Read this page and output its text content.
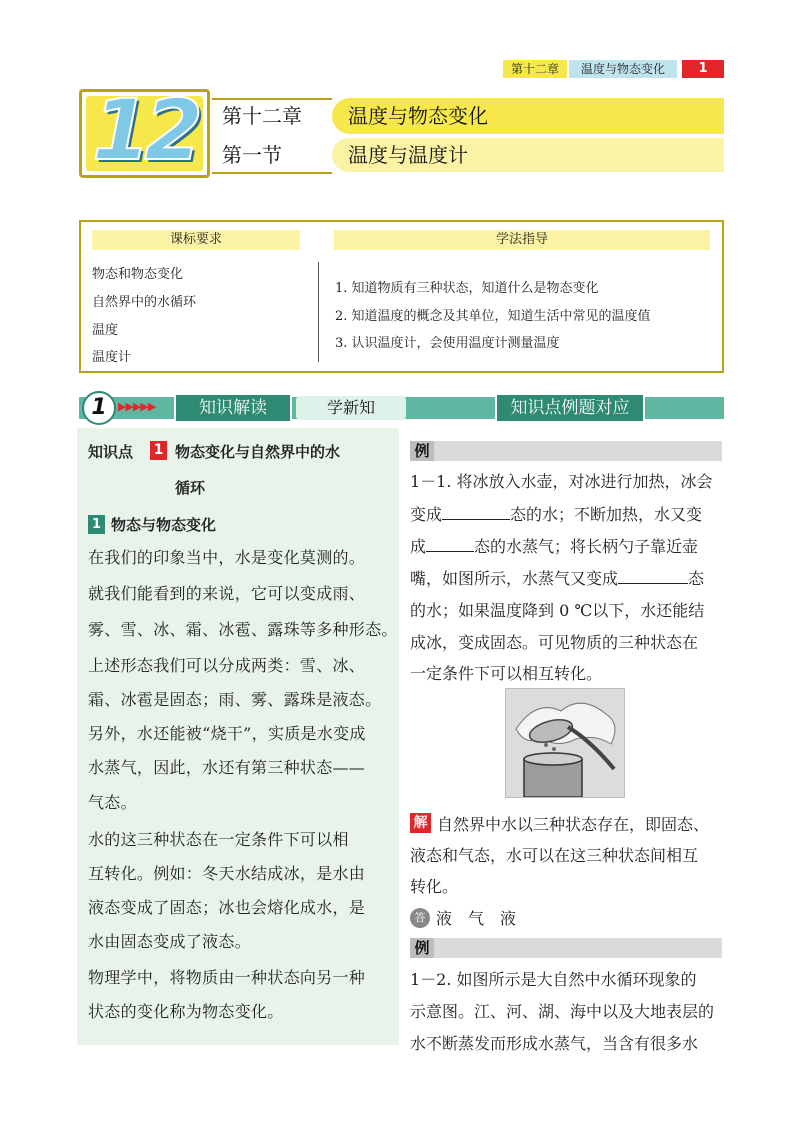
第十二章	温度与物态变化	1
12	第十二章 温度与物态变化
第一节	温度与温度计
课标要求	学法指导
物态和物态变化
自然界中的水循环
温度
温度计
1. 知道物质有三种状态，知道什么是物态变化
2. 知道温度的概念及其单位，知道生活中常见的温度值
3. 认识温度计，会使用温度计测量温度
1	▶▶▶▶▶	知识解读	学新知	知识点例题对应
知识点 1 物态变化与自然界中的水
循环
1 物态与物态变化
在我们的印象当中，水是变化莫测的。
就我们能看到的来说，它可以变成雨、
雾、雪、冰、霜、冰雹、露珠等多种形态。
上述形态我们可以分成两类：雪、冰、
霜、冰雹是固态；雨、雾、露珠是液态。
另外，水还能被“烧干”，实质是水变成
水蒸气，因此，水还有第三种状态——
气态。
水的这三种状态在一定条件下可以相
互转化。例如：冬天水结成冰，是水由
液态变成了固态；冰也会熔化成水，是
水由固态变成了液态。
物理学中，将物质由一种状态向另一种
状态的变化称为物态变化。
例
1－1. 将冰放入水壶，对冰进行加热，冰会
变成	态的水；不断加热，水又变
成	态的水蒸气；将长柄勺子靠近壶
嘴，如图所示，水蒸气又变成	态
的水；如果温度降到 0 ℃以下，水还能结
成冰，变成固态。可见物质的三种状态在
一定条件下可以相互转化。
解 自然界中水以三种状态存在，即固态、
液态和气态，水可以在这三种状态间相互
转化。
答 液　气　液
例
1－2. 如图所示是大自然中水循环现象的
示意图。江、河、湖、海中以及大地表层的
水不断蒸发而形成水蒸气，当含有很多水
